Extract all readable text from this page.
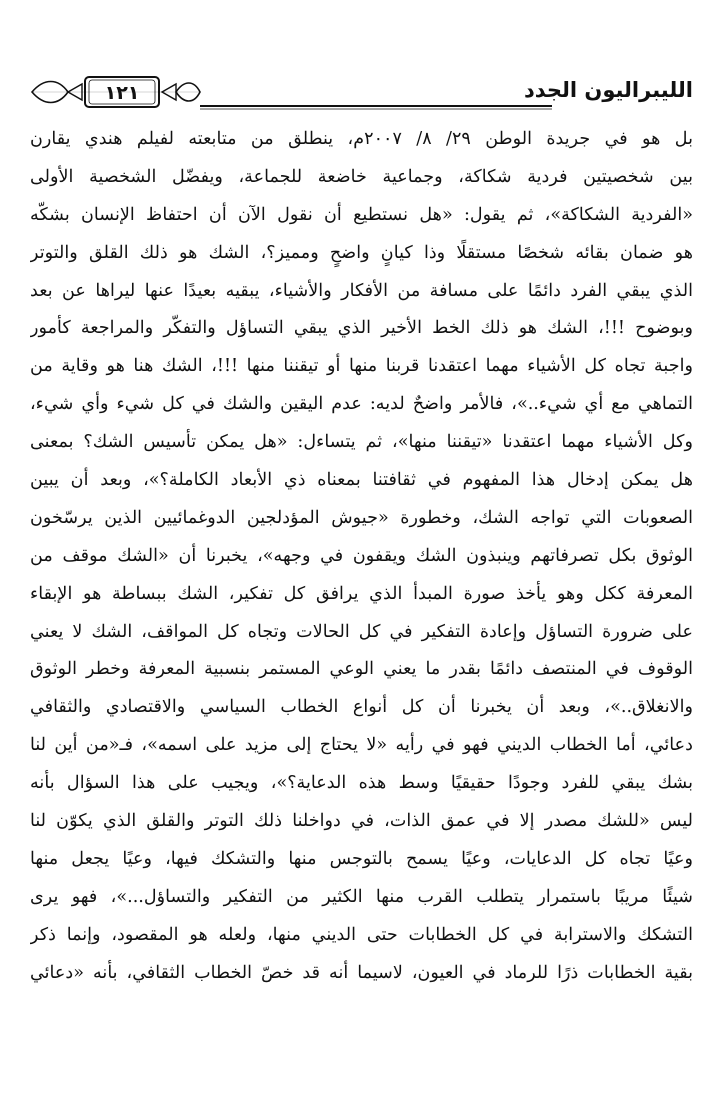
١٢١	الليبراليون الجدد
بل هو في جريدة الوطن ٢٩/ ٨/ ٢٠٠٧م، ينطلق من متابعته لفيلم هندي يقارن
بين شخصيتين فردية شكاكة، وجماعية خاضعة للجماعة، ويفضّل الشخصية الأولى
«الفردية الشكاكة»، ثم يقول: «هل نستطيع أن نقول الآن أن احتفاظ الإنسان بشكّه
هو ضمان بقائه شخصًا مستقلًا وذا كيانٍ واضحٍ ومميز؟، الشك هو ذلك القلق والتوتر
الذي يبقي الفرد دائمًا على مسافة من الأفكار والأشياء، يبقيه بعيدًا عنها ليراها عن بعد
وبوضوح !!!، الشك هو ذلك الخط الأخير الذي يبقي التساؤل والتفكّر والمراجعة كأمور
واجبة تجاه كل الأشياء مهما اعتقدنا قربنا منها أو تيقننا منها !!!، الشك هنا هو وقاية من
التماهي مع أي شيء..»، فالأمر واضحٌ لديه: عدم اليقين والشك في كل شيء وأي شيء،
وكل الأشياء مهما اعتقدنا «تيقننا منها»، ثم يتساءل: «هل يمكن تأسيس الشك؟ بمعنى
هل يمكن إدخال هذا المفهوم في ثقافتنا بمعناه ذي الأبعاد الكاملة؟»، وبعد أن يبين
الصعوبات التي تواجه الشك، وخطورة «جيوش المؤدلجين الدوغمائيين الذين يرسّخون
الوثوق بكل تصرفاتهم وينبذون الشك ويقفون في وجهه»، يخبرنا أن «الشك موقف من
المعرفة ككل وهو يأخذ صورة المبدأ الذي يرافق كل تفكير، الشك ببساطة هو الإبقاء
على ضرورة التساؤل وإعادة التفكير في كل الحالات وتجاه كل المواقف، الشك لا يعني
الوقوف في المنتصف دائمًا بقدر ما يعني الوعي المستمر بنسبية المعرفة وخطر الوثوق
والانغلاق..»، وبعد أن يخبرنا أن كل أنواع الخطاب السياسي والاقتصادي والثقافي
دعائي، أما الخطاب الديني فهو في رأيه «لا يحتاج إلى مزيد على اسمه»، فـ«من أين لنا
بشك يبقي للفرد وجودًا حقيقيًا وسط هذه الدعاية؟»، ويجيب على هذا السؤال بأنه
ليس «للشك مصدر إلا في عمق الذات، في دواخلنا ذلك التوتر والقلق الذي يكوّن لنا
وعيًا تجاه كل الدعايات، وعيًا يسمح بالتوجس منها والتشكك فيها، وعيًا يجعل منها
شيئًا مريبًا باستمرار يتطلب القرب منها الكثير من التفكير والتساؤل...»، فهو يرى
التشكك والاسترابة في كل الخطابات حتى الديني منها، ولعله هو المقصود، وإنما ذكر
بقية الخطابات ذرًا للرماد في العيون، لاسيما أنه قد خصّ الخطاب الثقافي، بأنه «دعائي
